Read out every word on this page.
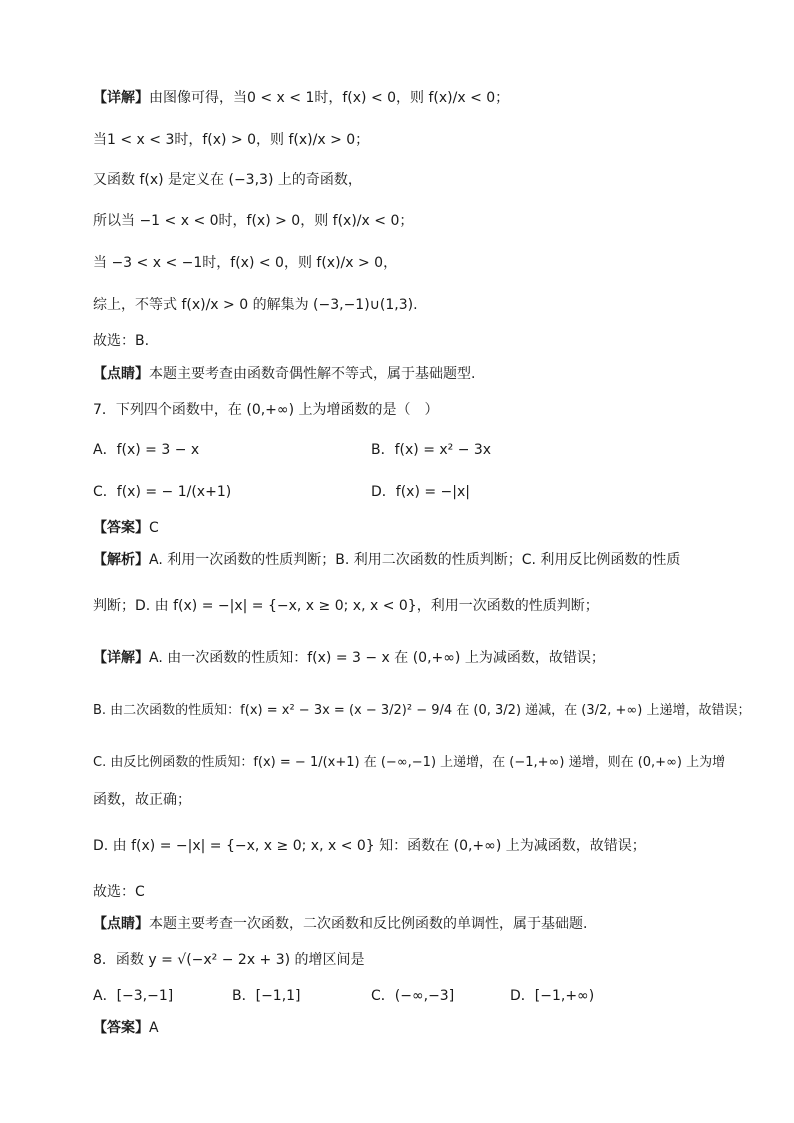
【详解】由图像可得，当0 < x < 1时，f(x) < 0，则 f(x)/x < 0；
当1 < x < 3时，f(x) > 0，则 f(x)/x > 0；
又函数 f(x) 是定义在 (−3,3) 上的奇函数，
所以当 −1 < x < 0时，f(x) > 0，则 f(x)/x < 0；
当 −3 < x < −1时，f(x) < 0，则 f(x)/x > 0，
综上，不等式 f(x)/x > 0 的解集为 (−3,−1)∪(1,3).
故选：B.
【点睛】本题主要考查由函数奇偶性解不等式，属于基础题型.
7．下列四个函数中，在 (0,+∞) 上为增函数的是（　）
A．f(x) = 3 − x	B．f(x) = x² − 3x
C．f(x) = − 1/(x+1)	D．f(x) = −|x|
【答案】C
【解析】A. 利用一次函数的性质判断；B. 利用二次函数的性质判断；C. 利用反比例函数的性质
判断；D. 由 f(x) = −|x| = {−x, x ≥ 0; x, x < 0}，利用一次函数的性质判断；
【详解】A. 由一次函数的性质知：f(x) = 3 − x 在 (0,+∞) 上为减函数，故错误；
B. 由二次函数的性质知：f(x) = x² − 3x = (x − 3/2)² − 9/4 在 (0, 3/2) 递减，在 (3/2, +∞) 上递增，故错误；
C. 由反比例函数的性质知：f(x) = − 1/(x+1) 在 (−∞,−1) 上递增，在 (−1,+∞) 递增，则在 (0,+∞) 上为增
函数，故正确；
D. 由 f(x) = −|x| = {−x, x ≥ 0; x, x < 0} 知：函数在 (0,+∞) 上为减函数，故错误；
故选：C
【点睛】本题主要考查一次函数，二次函数和反比例函数的单调性，属于基础题.
8．函数 y = √(−x² − 2x + 3) 的增区间是
A．[−3,−1]	B．[−1,1]	C．(−∞,−3]	D．[−1,+∞)
【答案】A
